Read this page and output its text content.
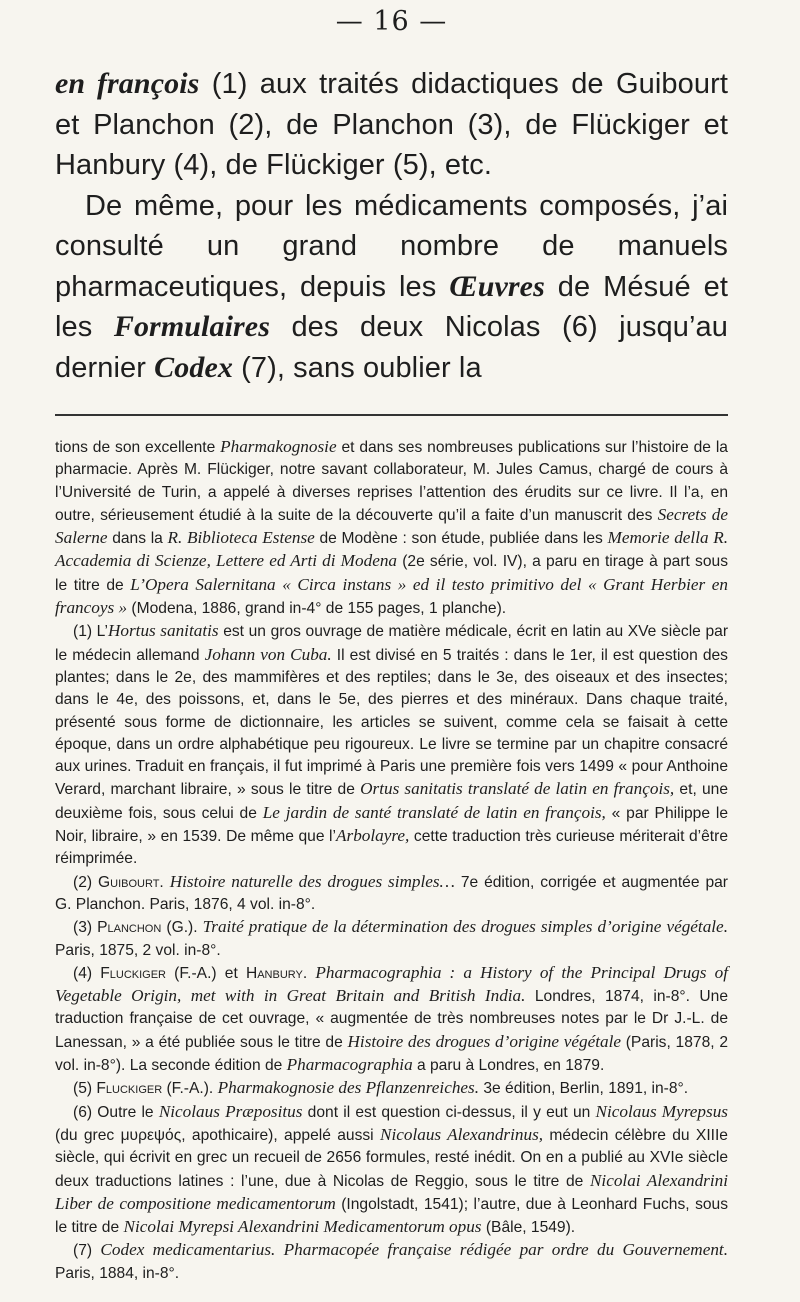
— 16 —

en françois (1) aux traités didactiques de Guibourt et Planchon (2), de Planchon (3), de Flückiger et Hanbury (4), de Flückiger (5), etc.

De même, pour les médicaments composés, j’ai consulté un grand nombre de manuels pharmaceutiques, depuis les Œuvres de Mésué et les Formulaires des deux Nicolas (6) jusqu’au dernier Codex (7), sans oublier la

tions de son excellente Pharmakognosie et dans ses nombreuses publications sur l’histoire de la pharmacie. Après M. Flückiger, notre savant collaborateur, M. Jules Camus, chargé de cours à l’Université de Turin, a appelé à diverses reprises l’attention des érudits sur ce livre. Il l’a, en outre, sérieusement étudié à la suite de la découverte qu’il a faite d’un manuscrit des Secrets de Salerne dans la R. Biblioteca Estense de Modène : son étude, publiée dans les Memorie della R. Accademia di Scienze, Lettere ed Arti di Modena (2e série, vol. IV), a paru en tirage à part sous le titre de L’Opera Salernitana « Circa instans » ed il testo primitivo del « Grant Herbier en francoys » (Modena, 1886, grand in-4° de 155 pages, 1 planche).

(1) L’Hortus sanitatis est un gros ouvrage de matière médicale, écrit en latin au XVe siècle par le médecin allemand Johann von Cuba. Il est divisé en 5 traités : dans le 1er, il est question des plantes; dans le 2e, des mammifères et des reptiles; dans le 3e, des oiseaux et des insectes; dans le 4e, des poissons, et, dans le 5e, des pierres et des minéraux. Dans chaque traité, présenté sous forme de dictionnaire, les articles se suivent, comme cela se faisait à cette époque, dans un ordre alphabétique peu rigoureux. Le livre se termine par un chapitre consacré aux urines. Traduit en français, il fut imprimé à Paris une première fois vers 1499 « pour Anthoine Verard, marchant libraire, » sous le titre de Ortus sanitatis translaté de latin en françois, et, une deuxième fois, sous celui de Le jardin de santé translaté de latin en françois, « par Philippe le Noir, libraire, » en 1539. De même que l’Arbolayre, cette traduction très curieuse mériterait d’être réimprimée.

(2) Guibourt. Histoire naturelle des drogues simples… 7e édition, corrigée et augmentée par G. Planchon. Paris, 1876, 4 vol. in-8°.

(3) Planchon (G.). Traité pratique de la détermination des drogues simples d’origine végétale. Paris, 1875, 2 vol. in-8°.

(4) Fluckiger (F.-A.) et Hanbury. Pharmacographia : a History of the Principal Drugs of Vegetable Origin, met with in Great Britain and British India. Londres, 1874, in-8°. Une traduction française de cet ouvrage, « augmentée de très nombreuses notes par le Dr J.-L. de Lanessan, » a été publiée sous le titre de Histoire des drogues d’origine végétale (Paris, 1878, 2 vol. in-8°). La seconde édition de Pharmacographia a paru à Londres, en 1879.

(5) Fluckiger (F.-A.). Pharmakognosie des Pflanzenreiches. 3e édition, Berlin, 1891, in-8°.

(6) Outre le Nicolaus Præpositus dont il est question ci-dessus, il y eut un Nicolaus Myrepsus (du grec μυρεψός, apothicaire), appelé aussi Nicolaus Alexandrinus, médecin célèbre du XIIIe siècle, qui écrivit en grec un recueil de 2656 formules, resté inédit. On en a publié au XVIe siècle deux traductions latines : l’une, due à Nicolas de Reggio, sous le titre de Nicolai Alexandrini Liber de compositione medicamentorum (Ingolstadt, 1541); l’autre, due à Leonhard Fuchs, sous le titre de Nicolai Myrepsi Alexandrini Medicamentorum opus (Bâle, 1549).

(7) Codex medicamentarius. Pharmacopée française rédigée par ordre du Gouvernement. Paris, 1884, in-8°.
